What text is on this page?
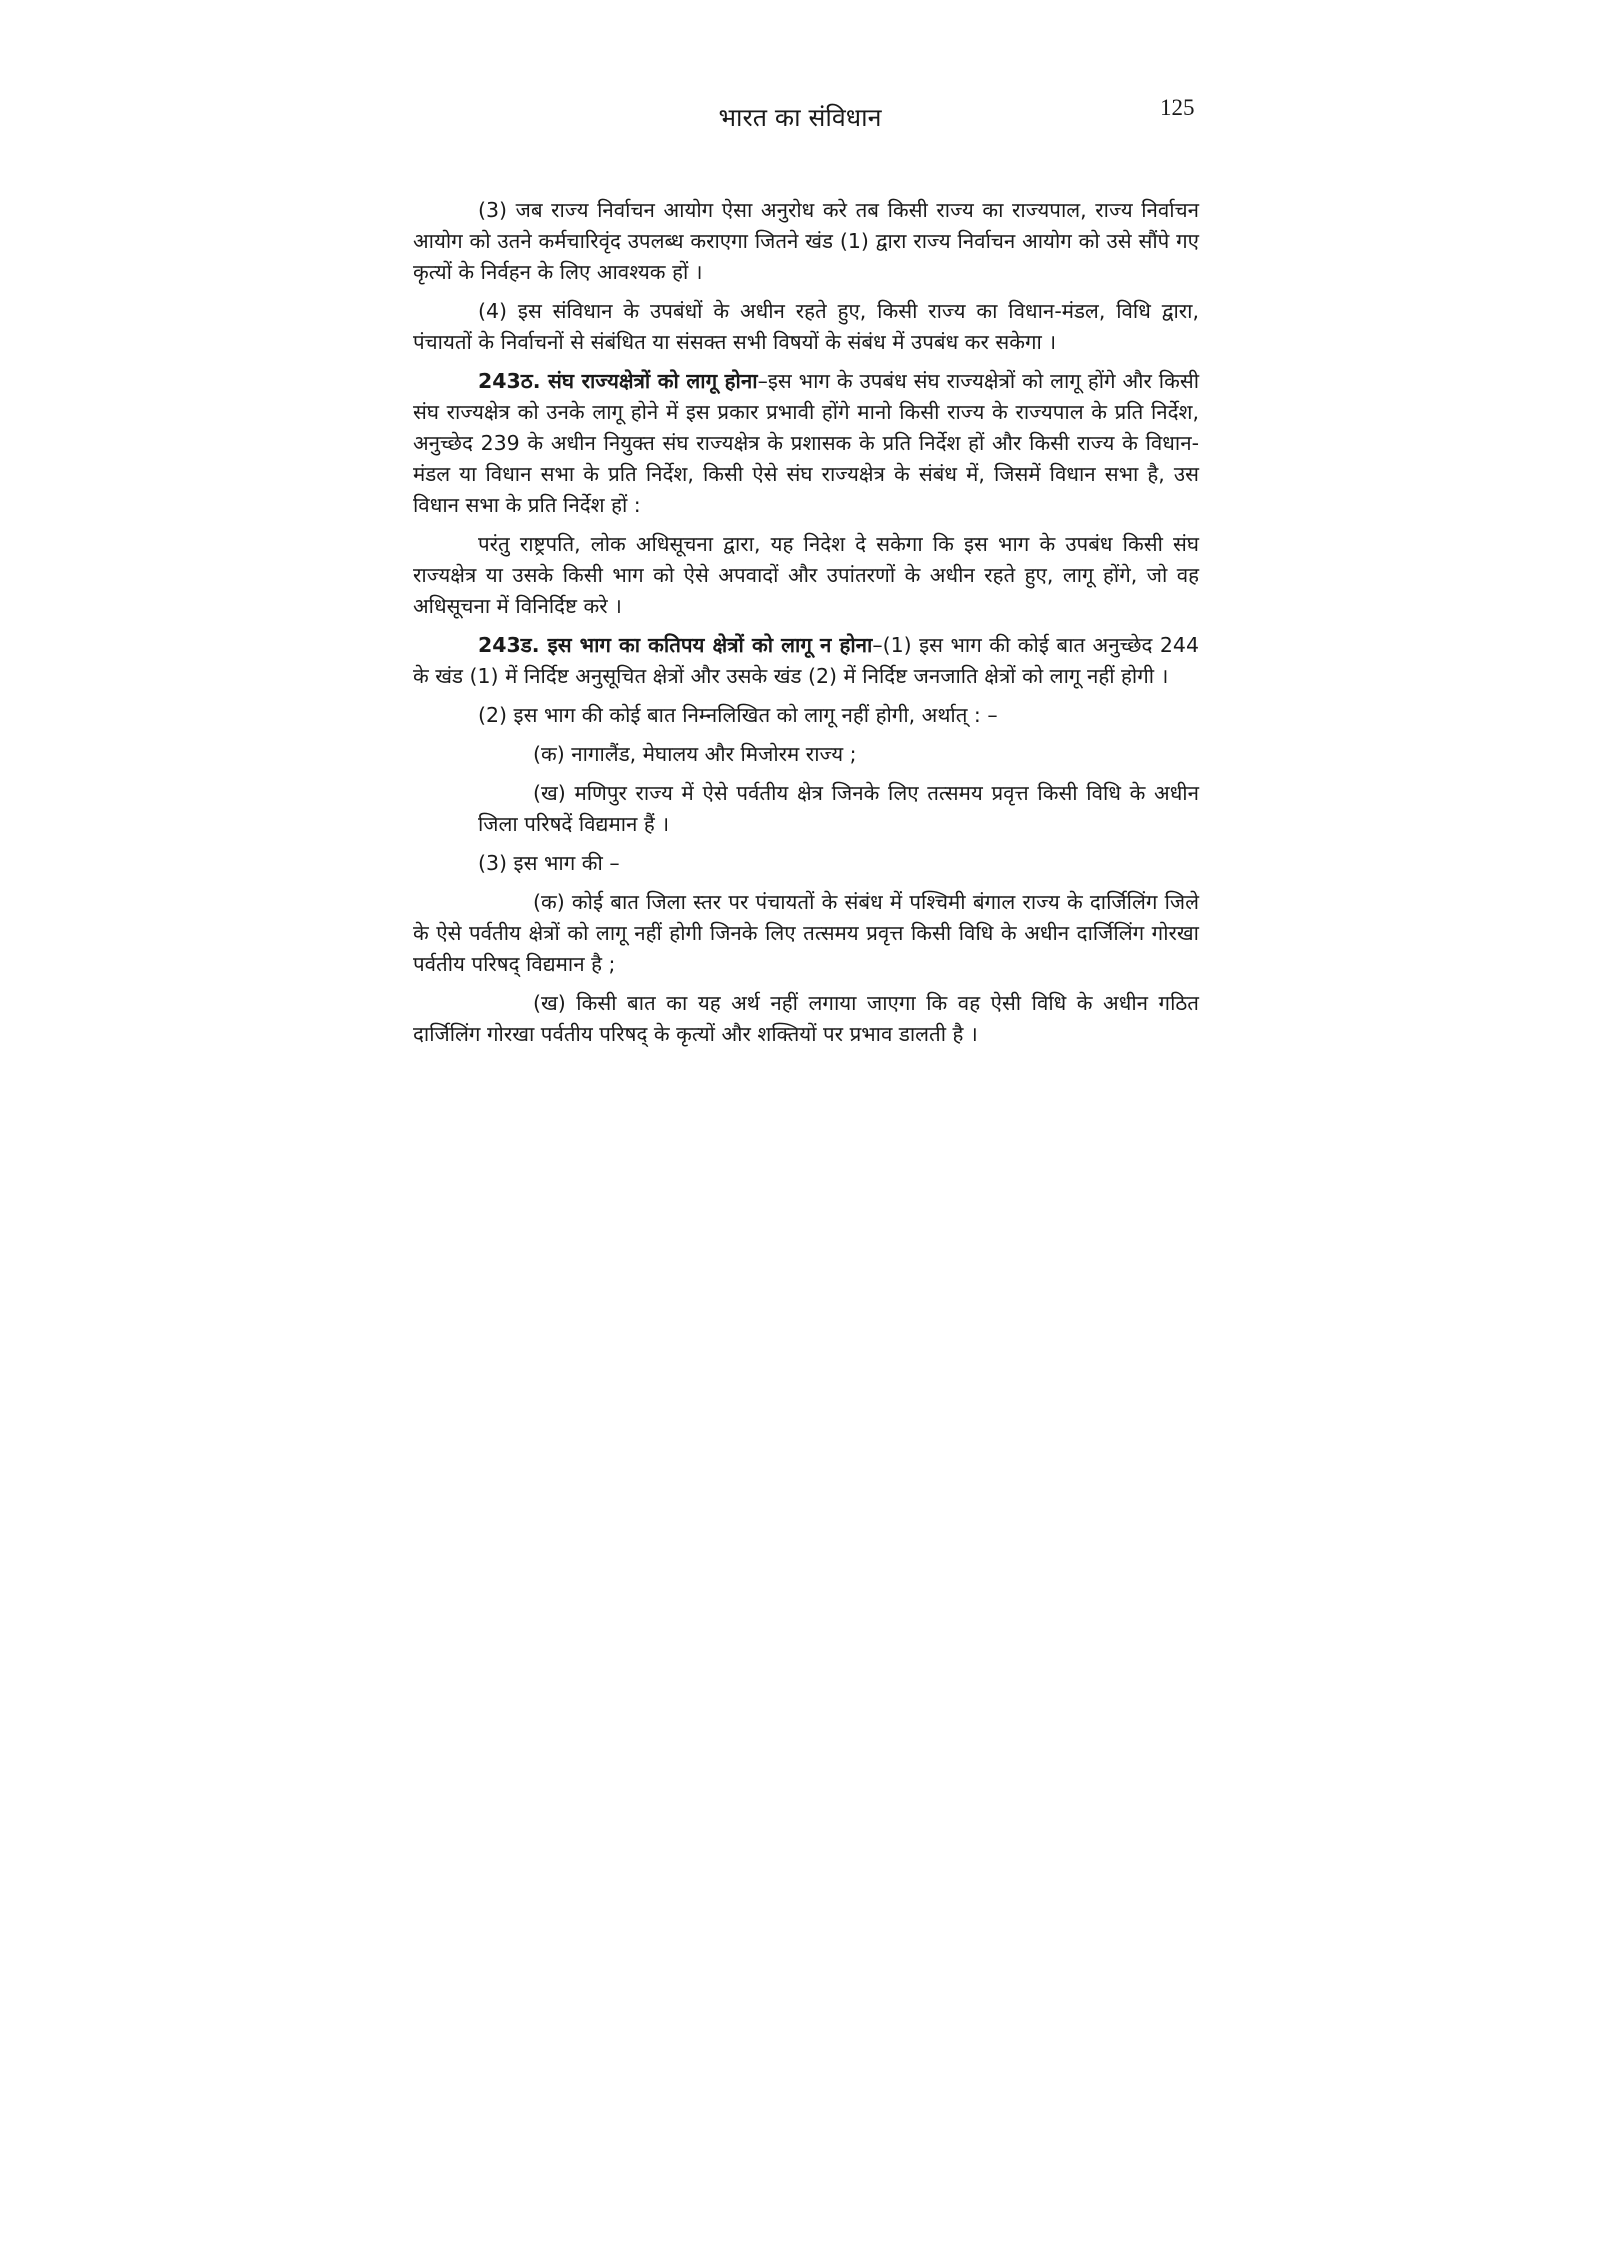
भारत का संविधान	125

(3) जब राज्य निर्वाचन आयोग ऐसा अनुरोध करे तब किसी राज्य का राज्यपाल, राज्य निर्वाचन आयोग को उतने कर्मचारिवृंद उपलब्ध कराएगा जितने खंड (1) द्वारा राज्य निर्वाचन आयोग को उसे सौंपे गए कृत्यों के निर्वहन के लिए आवश्यक हों ।

(4) इस संविधान के उपबंधों के अधीन रहते हुए, किसी राज्य का विधान-मंडल, विधि द्वारा, पंचायतों के निर्वाचनों से संबंधित या संसक्त सभी विषयों के संबंध में उपबंध कर सकेगा ।

243ठ. संघ राज्यक्षेत्रों को लागू होना–इस भाग के उपबंध संघ राज्यक्षेत्रों को लागू होंगे और किसी संघ राज्यक्षेत्र को उनके लागू होने में इस प्रकार प्रभावी होंगे मानो किसी राज्य के राज्यपाल के प्रति निर्देश, अनुच्छेद 239 के अधीन नियुक्त संघ राज्यक्षेत्र के प्रशासक के प्रति निर्देश हों और किसी राज्य के विधान-मंडल या विधान सभा के प्रति निर्देश, किसी ऐसे संघ राज्यक्षेत्र के संबंध में, जिसमें विधान सभा है, उस विधान सभा के प्रति निर्देश हों :

परंतु राष्ट्रपति, लोक अधिसूचना द्वारा, यह निदेश दे सकेगा कि इस भाग के उपबंध किसी संघ राज्यक्षेत्र या उसके किसी भाग को ऐसे अपवादों और उपांतरणों के अधीन रहते हुए, लागू होंगे, जो वह अधिसूचना में विनिर्दिष्ट करे ।

243ड. इस भाग का कतिपय क्षेत्रों को लागू न होना–(1) इस भाग की कोई बात अनुच्छेद 244 के खंड (1) में निर्दिष्ट अनुसूचित क्षेत्रों और उसके खंड (2) में निर्दिष्ट जनजाति क्षेत्रों को लागू नहीं होगी ।

(2) इस भाग की कोई बात निम्नलिखित को लागू नहीं होगी, अर्थात् : –

(क) नागालैंड, मेघालय और मिजोरम राज्य ;

(ख) मणिपुर राज्य में ऐसे पर्वतीय क्षेत्र जिनके लिए तत्समय प्रवृत्त किसी विधि के अधीन जिला परिषदें विद्यमान हैं ।

(3) इस भाग की –

(क) कोई बात जिला स्तर पर पंचायतों के संबंध में पश्चिमी बंगाल राज्य के दार्जिलिंग जिले के ऐसे पर्वतीय क्षेत्रों को लागू नहीं होगी जिनके लिए तत्समय प्रवृत्त किसी विधि के अधीन दार्जिलिंग गोरखा पर्वतीय परिषद् विद्यमान है ;

(ख) किसी बात का यह अर्थ नहीं लगाया जाएगा कि वह ऐसी विधि के अधीन गठित दार्जिलिंग गोरखा पर्वतीय परिषद् के कृत्यों और शक्तियों पर प्रभाव डालती है ।
